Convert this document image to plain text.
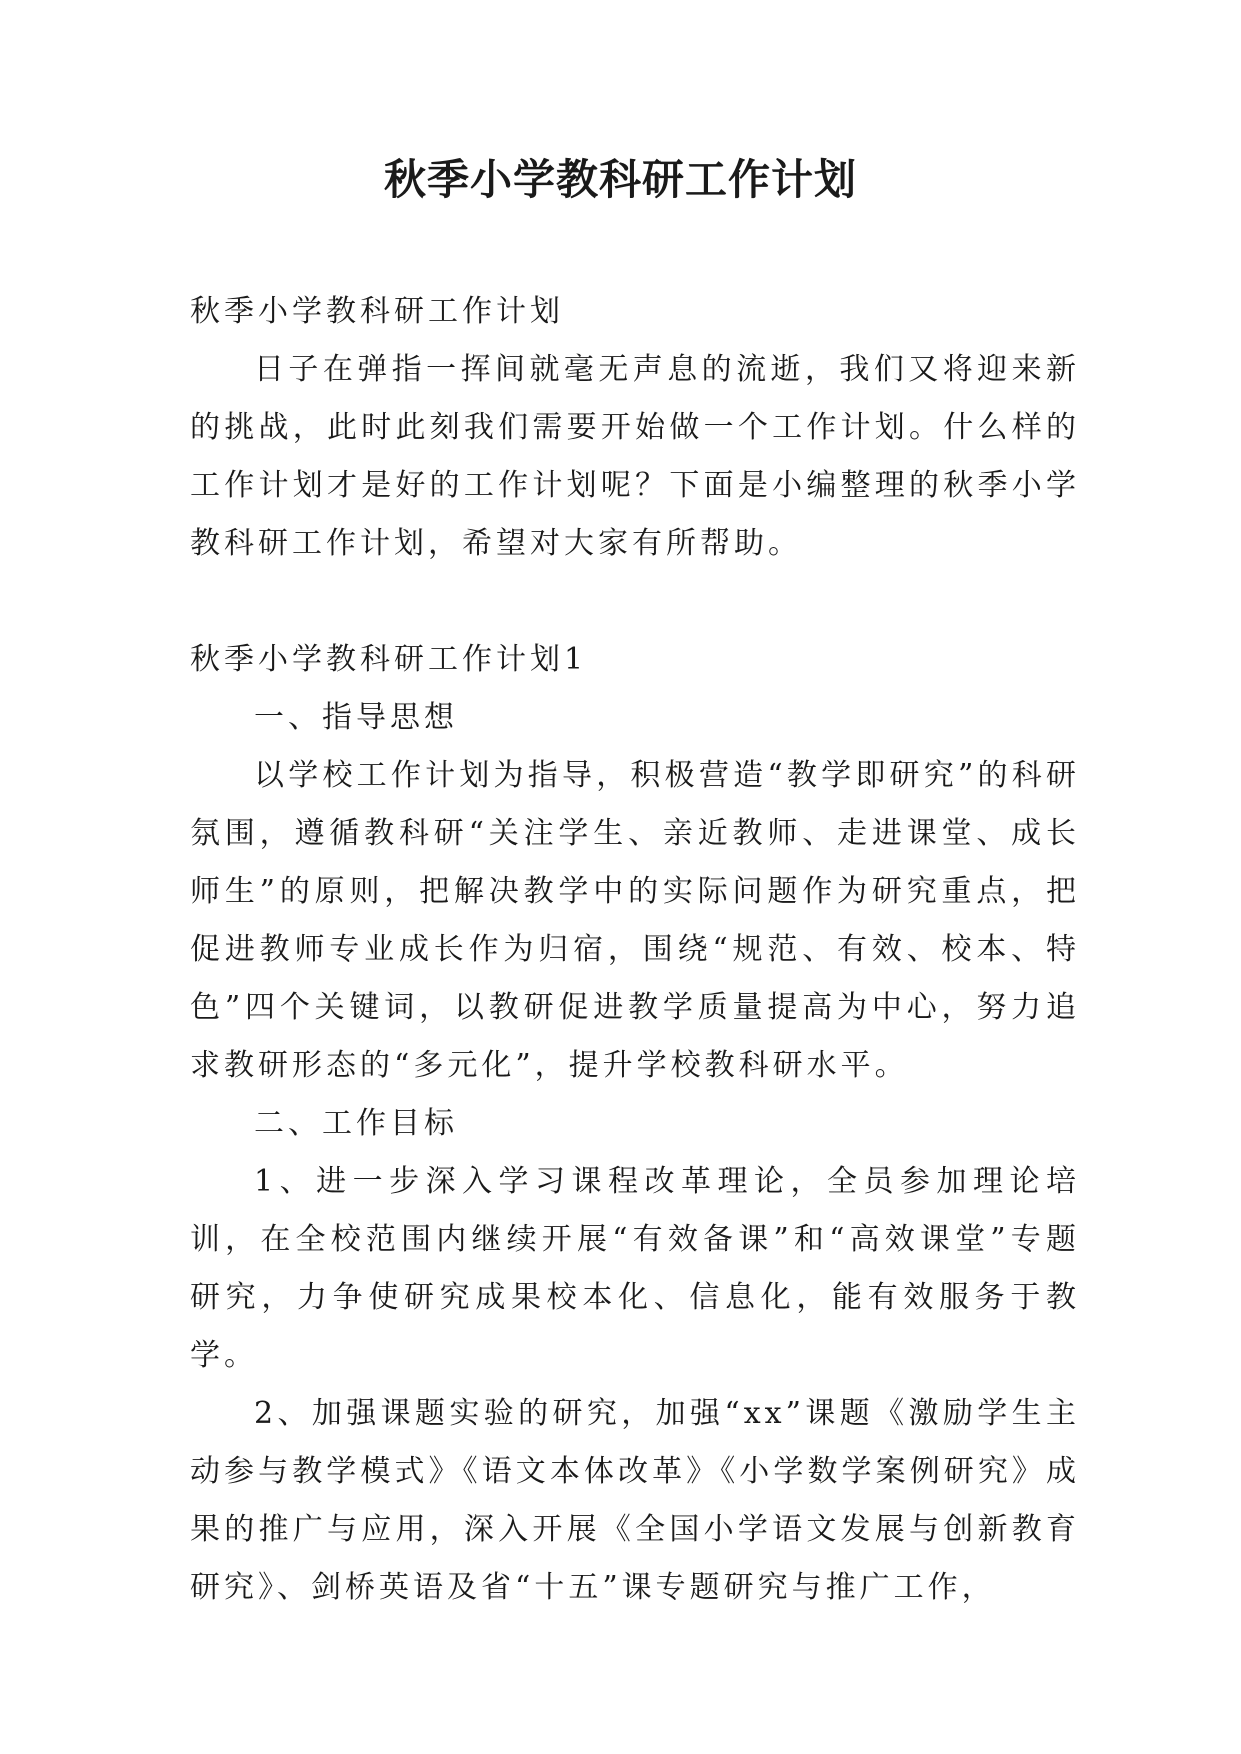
秋季小学教科研工作计划

秋季小学教科研工作计划

日子在弹指一挥间就毫无声息的流逝，我们又将迎来新的挑战，此时此刻我们需要开始做一个工作计划。什么样的工作计划才是好的工作计划呢？下面是小编整理的秋季小学教科研工作计划，希望对大家有所帮助。

秋季小学教科研工作计划1

一、指导思想

以学校工作计划为指导，积极营造“教学即研究”的科研氛围，遵循教科研“关注学生、亲近教师、走进课堂、成长师生”的原则，把解决教学中的实际问题作为研究重点，把促进教师专业成长作为归宿，围绕“规范、有效、校本、特色”四个关键词，以教研促进教学质量提高为中心，努力追求教研形态的“多元化”，提升学校教科研水平。

二、工作目标

1、进一步深入学习课程改革理论，全员参加理论培训，在全校范围内继续开展“有效备课”和“高效课堂”专题研究，力争使研究成果校本化、信息化，能有效服务于教学。

2、加强课题实验的研究，加强“xx”课题《激励学生主动参与教学模式》《语文本体改革》《小学数学案例研究》成果的推广与应用，深入开展《全国小学语文发展与创新教育研究》、剑桥英语及省“十五”课专题研究与推广工作，
